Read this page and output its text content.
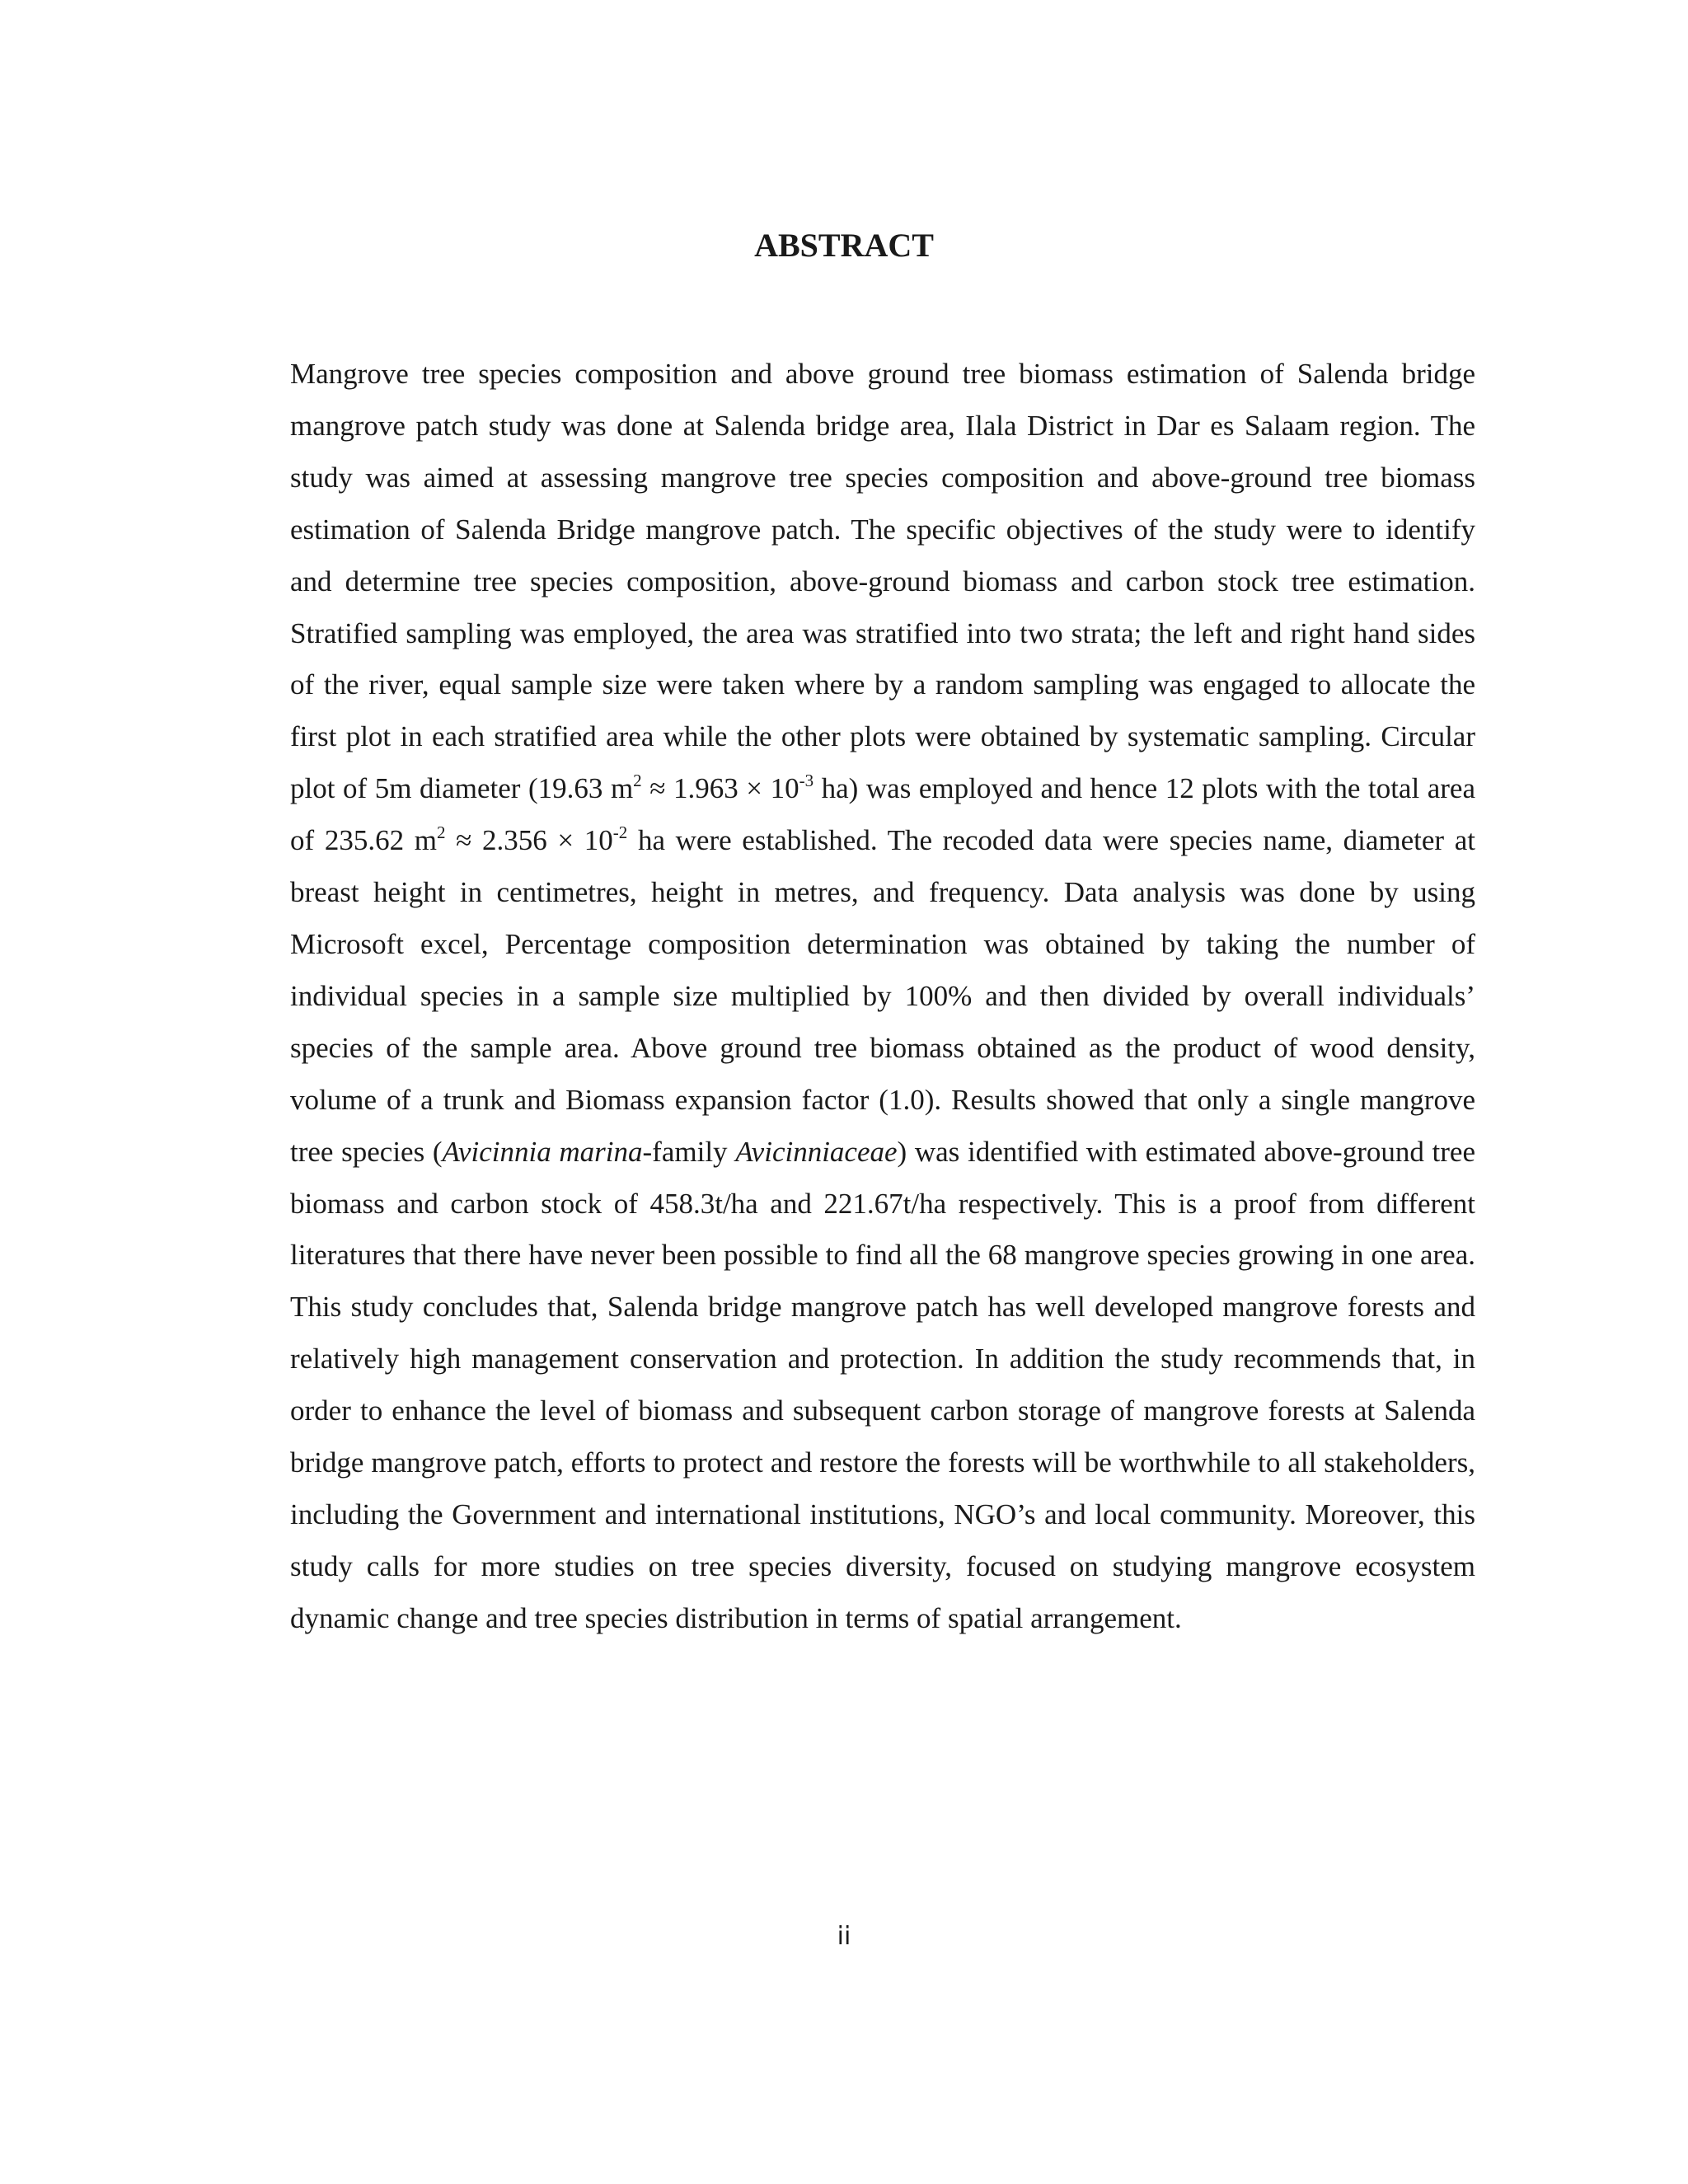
ABSTRACT

Mangrove tree species composition and above ground tree biomass estimation of Salenda bridge mangrove patch study was done at Salenda bridge area, Ilala District in Dar es Salaam region. The study was aimed at assessing mangrove tree species composition and above-ground tree biomass estimation of Salenda Bridge mangrove patch. The specific objectives of the study were to identify and determine tree species composition, above-ground biomass and carbon stock tree estimation. Stratified sampling was employed, the area was stratified into two strata; the left and right hand sides of the river, equal sample size were taken where by a random sampling was engaged to allocate the first plot in each stratified area while the other plots were obtained by systematic sampling. Circular plot of 5m diameter (19.63 $m^2 \approx 1.963 \times 10^{-3}$ ha) was employed and hence 12 plots with the total area of 235.62 $m^2 \approx 2.356 \times 10^{-2}$ ha were established. The recoded data were species name, diameter at breast height in centimetres, height in metres, and frequency. Data analysis was done by using Microsoft excel, Percentage composition determination was obtained by taking the number of individual species in a sample size multiplied by 100% and then divided by overall individuals’ species of the sample area. Above ground tree biomass obtained as the product of wood density, volume of a trunk and Biomass expansion factor (1.0). Results showed that only a single mangrove tree species (Avicinnia marina-family Avicinniaceae) was identified with estimated above-ground tree biomass and carbon stock of 458.3t/ha and 221.67t/ha respectively. This is a proof from different literatures that there have never been possible to find all the 68 mangrove species growing in one area. This study concludes that, Salenda bridge mangrove patch has well developed mangrove forests and relatively high management conservation and protection. In addition the study recommends that, in order to enhance the level of biomass and subsequent carbon storage of mangrove forests at Salenda bridge mangrove patch, efforts to protect and restore the forests will be worthwhile to all stakeholders, including the Government and international institutions, NGO’s and local community. Moreover, this study calls for more studies on tree species diversity, focused on studying mangrove ecosystem dynamic change and tree species distribution in terms of spatial arrangement.

ii
